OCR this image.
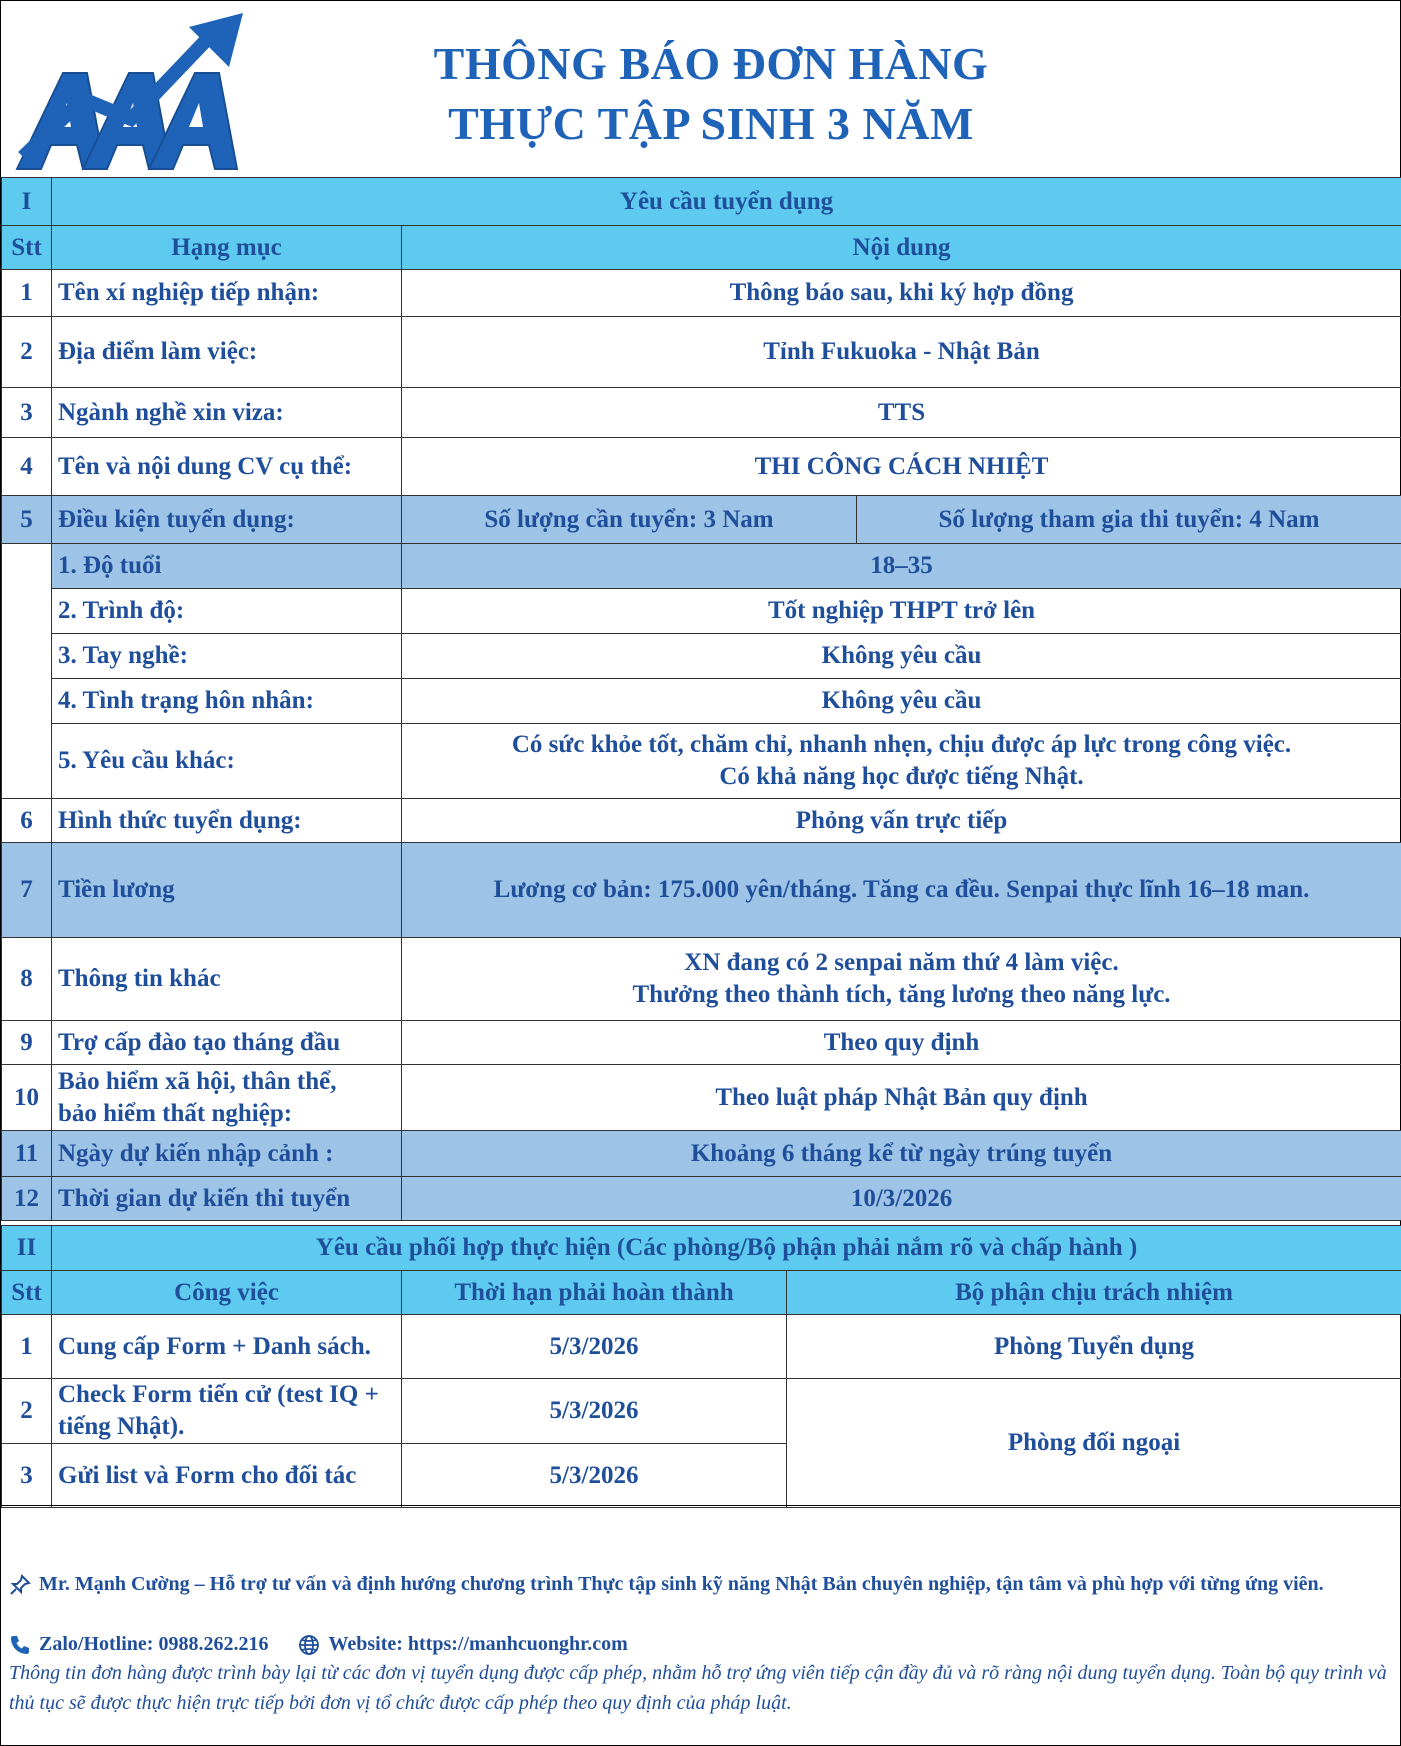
THÔNG BÁO ĐƠN HÀNG
THỰC TẬP SINH 3 NĂM
I	Yêu cầu tuyển dụng		
Stt	Hạng mục	Nội dung	
1	Tên xí nghiệp tiếp nhận:	Thông báo sau, khi ký hợp đồng	
2	Địa điểm làm việc:	Tỉnh Fukuoka - Nhật Bản	
3	Ngành nghề xin viza:	TTS	
4	Tên và nội dung CV cụ thể:	THI CÔNG CÁCH NHIỆT	
5	Điều kiện tuyển dụng:	Số lượng cần tuyển: 3 Nam	Số lượng tham gia thi tuyển: 4 Nam
	1. Độ tuổi	18–35	
	2. Trình độ:	Tốt nghiệp THPT trở lên	
	3. Tay nghề:	Không yêu cầu	
	4. Tình trạng hôn nhân:	Không yêu cầu	
	5. Yêu cầu khác:	Có sức khỏe tốt, chăm chỉ, nhanh nhẹn, chịu được áp lực trong công việc.
Có khả năng học được tiếng Nhật.	

6	Hình thức tuyển dụng:	Phỏng vấn trực tiếp	
7	Tiền lương	Lương cơ bản: 175.000 yên/tháng. Tăng ca đều. Senpai thực lĩnh 16–18 man.	
8	Thông tin khác	XN đang có 2 senpai năm thứ 4 làm việc.
Thưởng theo thành tích, tăng lương theo năng lực.	

9	Trợ cấp đào tạo tháng đầu	Theo quy định	
10	Bảo hiểm xã hội, thân thể,
bảo hiểm thất nghiệp:	Theo luật pháp Nhật Bản quy định	
11	Ngày dự kiến nhập cảnh :	Khoảng 6 tháng kể từ ngày trúng tuyển	
12	Thời gian dự kiến thi tuyển	10/3/2026	
II	Yêu cầu phối hợp thực hiện (Các phòng/Bộ phận phải nắm rõ và chấp hành )		
Stt	Công việc	Thời hạn phải hoàn thành	Bộ phận chịu trách nhiệm
1	Cung cấp Form + Danh sách.	5/3/2026	Phòng Tuyển dụng
2	Check Form tiến cử (test IQ + tiếng Nhật).	5/3/2026	Phòng đối ngoại
3	Gửi list và Form cho đối tác	5/3/2026	
Mr. Mạnh Cường – Hỗ trợ tư vấn và định hướng chương trình Thực tập sinh kỹ năng Nhật Bản chuyên nghiệp, tận tâm và phù hợp với từng ứng viên.
Zalo/Hotline: 0988.262.216	Website: https://manhcuonghr.com
Thông tin đơn hàng được trình bày lại từ các đơn vị tuyển dụng được cấp phép, nhằm hỗ trợ ứng viên tiếp cận đầy đủ và rõ ràng nội dung tuyển dụng. Toàn bộ quy trình và thủ tục sẽ được thực hiện trực tiếp bởi đơn vị tổ chức được cấp phép theo quy định của pháp luật.
